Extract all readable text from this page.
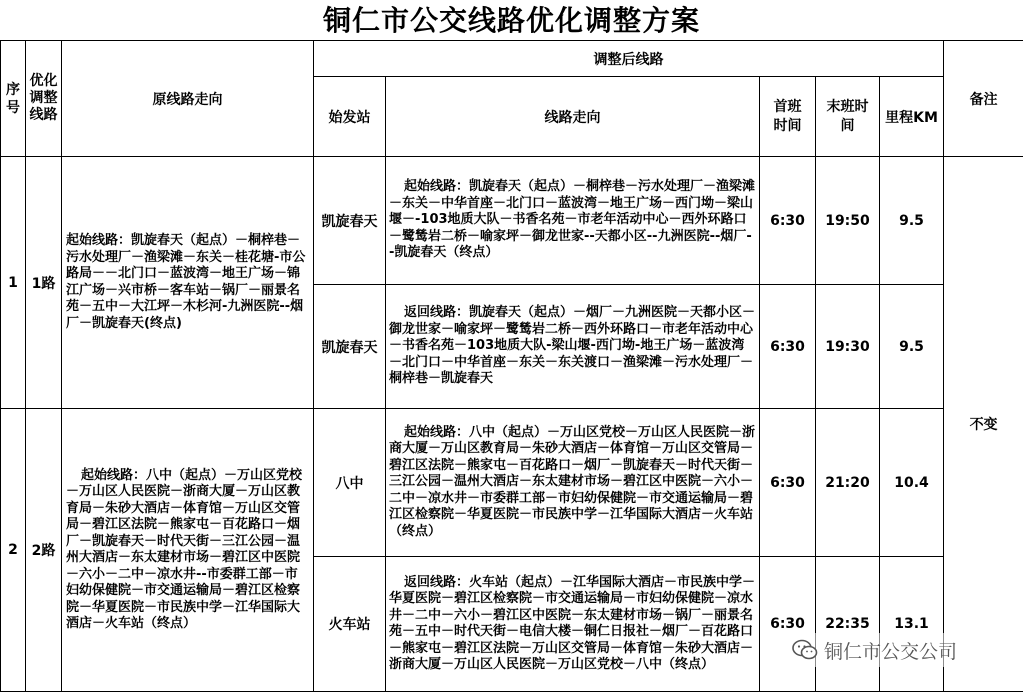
铜仁市公交线路优化调整方案
序号	优化调整线路	原线路走向	调整后线路					备注
			始发站	线路走向	首班时间	末班时间	里程KM	
1	1路	起始线路：凯旋春天（起点）－桐梓巷－污水处理厂－渔梁滩－东关－桂花塘-市公路局－－北门口－蓝波湾－地王广场－锦江广场－兴市桥－客车站－锅厂－丽景名苑－五中－大江坪－木杉河-九洲医院--烟厂－凯旋春天(终点)	凯旋春天	起始线路：凯旋春天（起点）－桐梓巷－污水处理厂－渔梁滩－东关－中华首座－北门口－蓝波湾－地王广场－西门坳－梁山堰－-103地质大队－书香名苑－市老年活动中心－西外环路口－鹭鸶岩二桥－喻家坪－御龙世家--天都小区--九洲医院--烟厂--凯旋春天（终点）	6:30	19:50	9.5	不变
			凯旋春天	返回线路：凯旋春天（起点）－烟厂－九洲医院－天都小区－御龙世家－喻家坪－鹭鸶岩二桥－西外环路口－市老年活动中心－书香名苑－103地质大队-梁山堰-西门坳-地王广场－蓝波湾－北门口－中华首座－东关－东关渡口－渔梁滩－污水处理厂－桐梓巷－凯旋春天	6:30	19:30	9.5	
2	2路	起始线路：八中（起点）－万山区党校－万山区人民医院－浙商大厦－万山区教育局－朱砂大酒店－体育馆－万山区交管局－碧江区法院－熊家屯－百花路口－烟厂－凯旋春天－时代天街－三江公园－温州大酒店－东太建材市场－碧江区中医院－六小－二中－凉水井--市委群工部－市妇幼保健院－市交通运输局－碧江区检察院－华夏医院－市民族中学－江华国际大酒店－火车站（终点）	八中	起始线路：八中（起点）－万山区党校－万山区人民医院－浙商大厦－万山区教育局－朱砂大酒店－体育馆－万山区交管局－碧江区法院－熊家屯－百花路口－烟厂－凯旋春天－时代天街－三江公园－温州大酒店－东太建材市场－碧江区中医院－六小－二中－凉水井－市委群工部－市妇幼保健院－市交通运输局－碧江区检察院－华夏医院－市民族中学－江华国际大酒店－火车站（终点）	6:30	21:20	10.4	
			火车站	返回线路：火车站（起点）－江华国际大酒店－市民族中学－华夏医院－碧江区检察院－市交通运输局－市妇幼保健院－凉水井－二中－六小－碧江区中医院－东太建材市场－锅厂－丽景名苑－五中－时代天街－电信大楼－铜仁日报社－烟厂－百花路口－熊家屯－碧江区法院－万山区交管局－体育馆－朱砂大酒店－浙商大厦－万山区人民医院－万山区党校－八中（终点）	6:30	22:35	13.1	
铜仁市公交公司
